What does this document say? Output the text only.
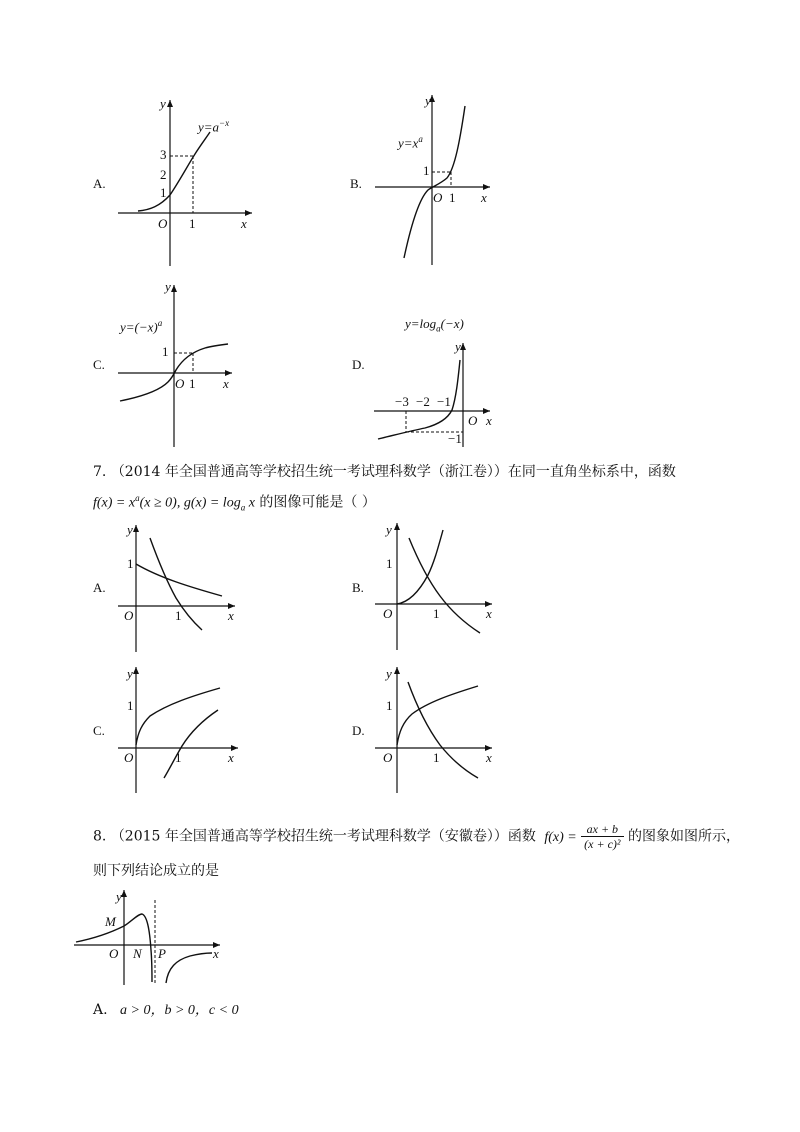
A.
y
x
O
3
2
1
1
$y=a^{-x}$
B.
y
x
O
1
1
$y=x^a$
C.
y
x
O
1
1
$y=(-x)^a$
D.
y
x
O
−3 −2 −1
−1
$y=\log_a(-x)$
7. （2014 年全国普通高等学校招生统一考试理科数学（浙江卷））在同一直角坐标系中，函数
$f(x) = x^a(x \ge 0)$, $g(x) = \log_a x$ 的图像可能是（ ）
A.
y
x
O
1
1
B.
y
x
O
1
1
C.
y
x
O
1
1
D.
y
x
O
1
1
8. （2015 年全国普通高等学校招生统一考试理科数学（安徽卷））函数 $f(x) = \frac{ax + b}{\text{(x + c)²}}$ 的图象如图所示，
则下列结论成立的是
y
x
O
M
N P
A. a > 0，b > 0，c < 0
